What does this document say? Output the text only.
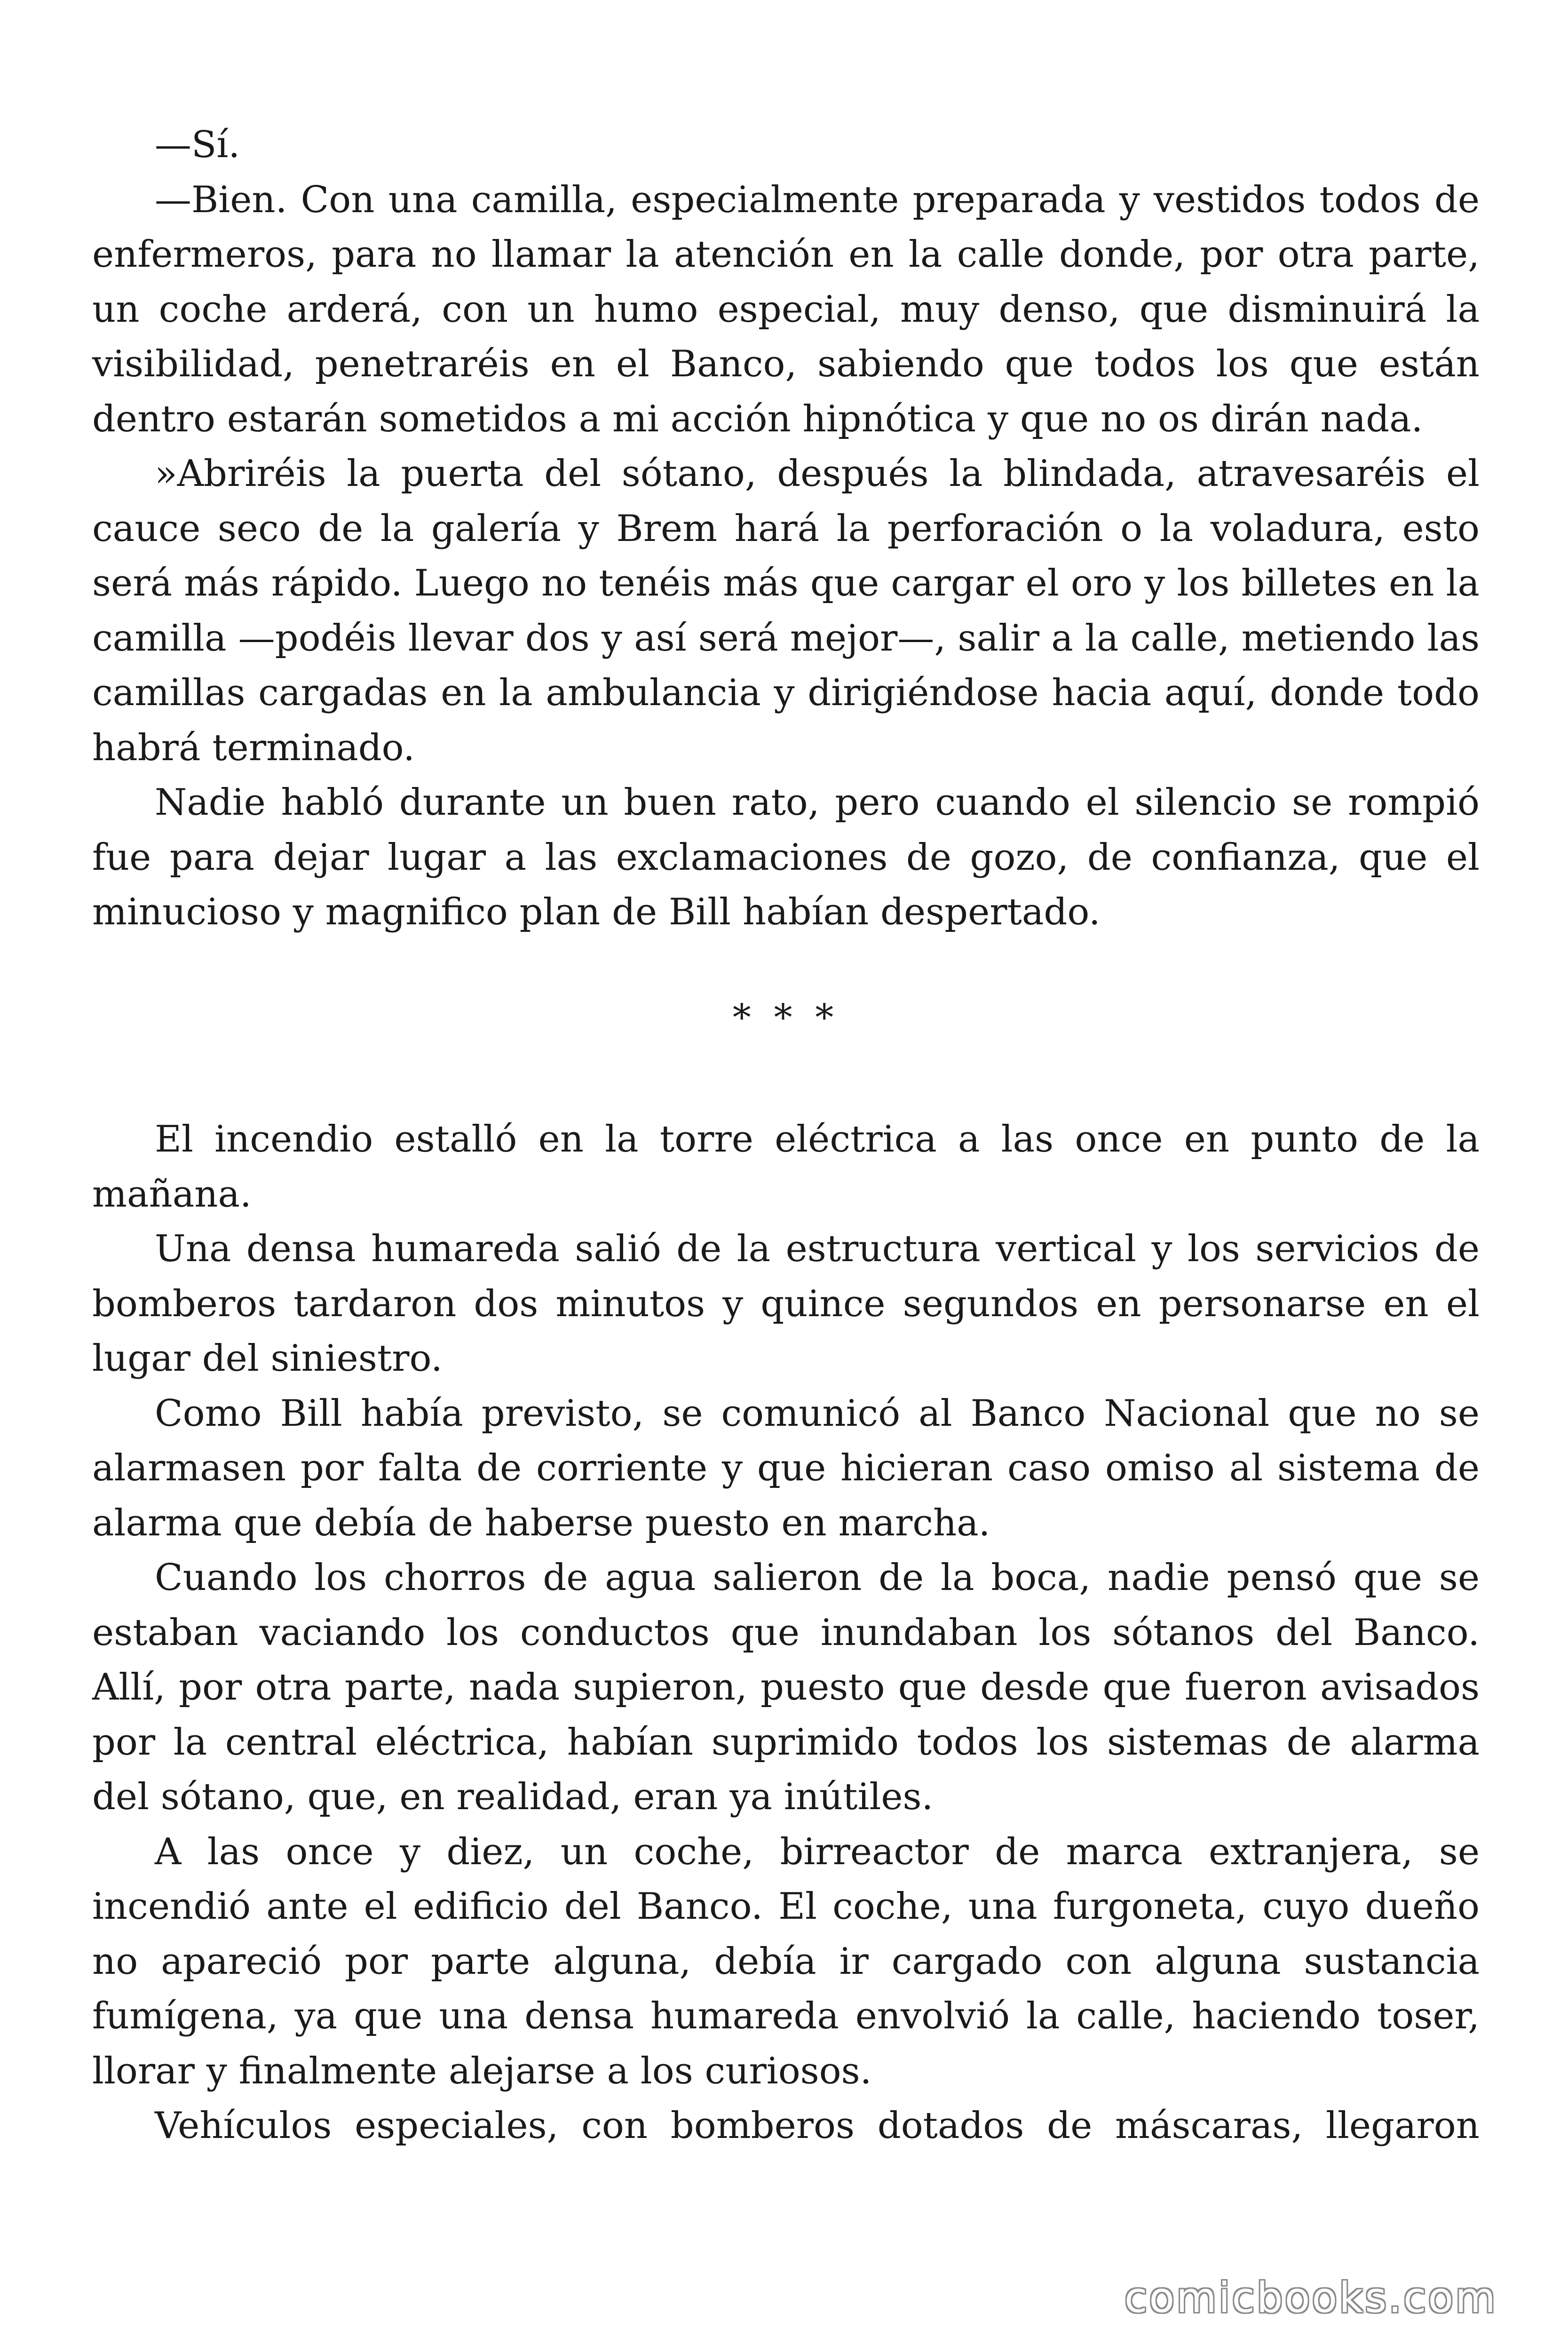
—Sí.

—Bien. Con una camilla, especialmente preparada y vestidos todos de enfermeros, para no llamar la atención en la calle donde, por otra parte, un coche arderá, con un humo especial, muy denso, que disminuirá la visibilidad, penetraréis en el Banco, sabiendo que todos los que están dentro estarán sometidos a mi acción hipnótica y que no os dirán nada.

»Abriréis la puerta del sótano, después la blindada, atravesaréis el cauce seco de la galería y Brem hará la perforación o la voladura, esto será más rápido. Luego no tenéis más que cargar el oro y los billetes en la camilla —podéis llevar dos y así será mejor—, salir a la calle, metiendo las camillas cargadas en la ambulancia y dirigiéndose hacia aquí, donde todo habrá terminado.

Nadie habló durante un buen rato, pero cuando el silencio se rompió fue para dejar lugar a las exclamaciones de gozo, de confianza, que el minucioso y magnifico plan de Bill habían despertado.

* * *

El incendio estalló en la torre eléctrica a las once en punto de la mañana.

Una densa humareda salió de la estructura vertical y los servicios de bomberos tardaron dos minutos y quince segundos en personarse en el lugar del siniestro.

Como Bill había previsto, se comunicó al Banco Nacional que no se alarmasen por falta de corriente y que hicieran caso omiso al sistema de alarma que debía de haberse puesto en marcha.

Cuando los chorros de agua salieron de la boca, nadie pensó que se estaban vaciando los conductos que inundaban los sótanos del Banco. Allí, por otra parte, nada supieron, puesto que desde que fueron avisados por la central eléctrica, habían suprimido todos los sistemas de alarma del sótano, que, en realidad, eran ya inútiles.

A las once y diez, un coche, birreactor de marca extranjera, se incendió ante el edificio del Banco. El coche, una furgoneta, cuyo dueño no apareció por parte alguna, debía ir cargado con alguna sustancia fumígena, ya que una densa humareda envolvió la calle, haciendo toser, llorar y finalmente alejarse a los curiosos.

Vehículos especiales, con bomberos dotados de máscaras, llegaron

comicbooks.com
